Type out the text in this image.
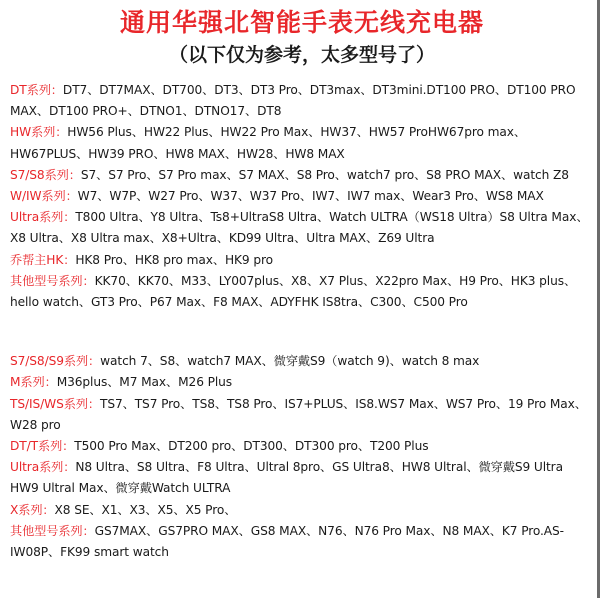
通用华强北智能手表无线充电器
（以下仅为参考，太多型号了）

DT系列：DT7、DT7MAX、DT700、DT3、DT3 Pro、DT3max、DT3mini.DT100 PRO、DT100 PRO MAX、DT100 PRO+、DTNO1、DTNO17、DT8

HW系列：HW56 Plus、HW22 Plus、HW22 Pro Max、HW37、HW57 ProHW67pro max、HW67PLUS、HW39 PRO、HW8 MAX、HW28、HW8 MAX

S7/S8系列：S7、S7 Pro、S7 Pro max、S7 MAX、S8 Pro、watch7 pro、S8 PRO MAX、watch Z8

W/IW系列：W7、W7P、W27 Pro、W37、W37 Pro、IW7、IW7 max、Wear3 Pro、WS8 MAX

Ultra系列：T800 Ultra、Y8 Ultra、Ts8+UltraS8 Ultra、Watch ULTRA（WS18 Ultra）S8 Ultra Max、X8 Ultra、X8 Ultra max、X8+Ultra、KD99 Ultra、Ultra MAX、Z69 Ultra

乔帮主HK：HK8 Pro、HK8 pro max、HK9 pro

其他型号系列：KK70、KK70、M33、LY007plus、X8、X7 Plus、X22pro Max、H9 Pro、HK3 plus、hello watch、GT3 Pro、P67 Max、F8 MAX、ADYFHK IS8tra、C300、C500 Pro

S7/S8/S9系列：watch 7、S8、watch7 MAX、微穿戴S9（watch 9)、watch 8 max

M系列：M36plus、M7 Max、M26 Plus

TS/IS/WS系列：TS7、TS7 Pro、TS8、TS8 Pro、IS7+PLUS、IS8.WS7 Max、WS7 Pro、19 Pro Max、W28 pro

DT/T系列：T500 Pro Max、DT200 pro、DT300、DT300 pro、T200 Plus

Ultra系列：N8 Ultra、S8 Ultra、F8 Ultra、Ultral 8pro、GS Ultra8、HW8 Ultral、微穿戴S9 Ultra HW9 Ultral Max、微穿戴Watch ULTRA

X系列：X8 SE、X1、X3、X5、X5 Pro、

其他型号系列：GS7MAX、GS7PRO MAX、GS8 MAX、N76、N76 Pro Max、N8 MAX、K7 Pro.AS-IW08P、FK99 smart watch
